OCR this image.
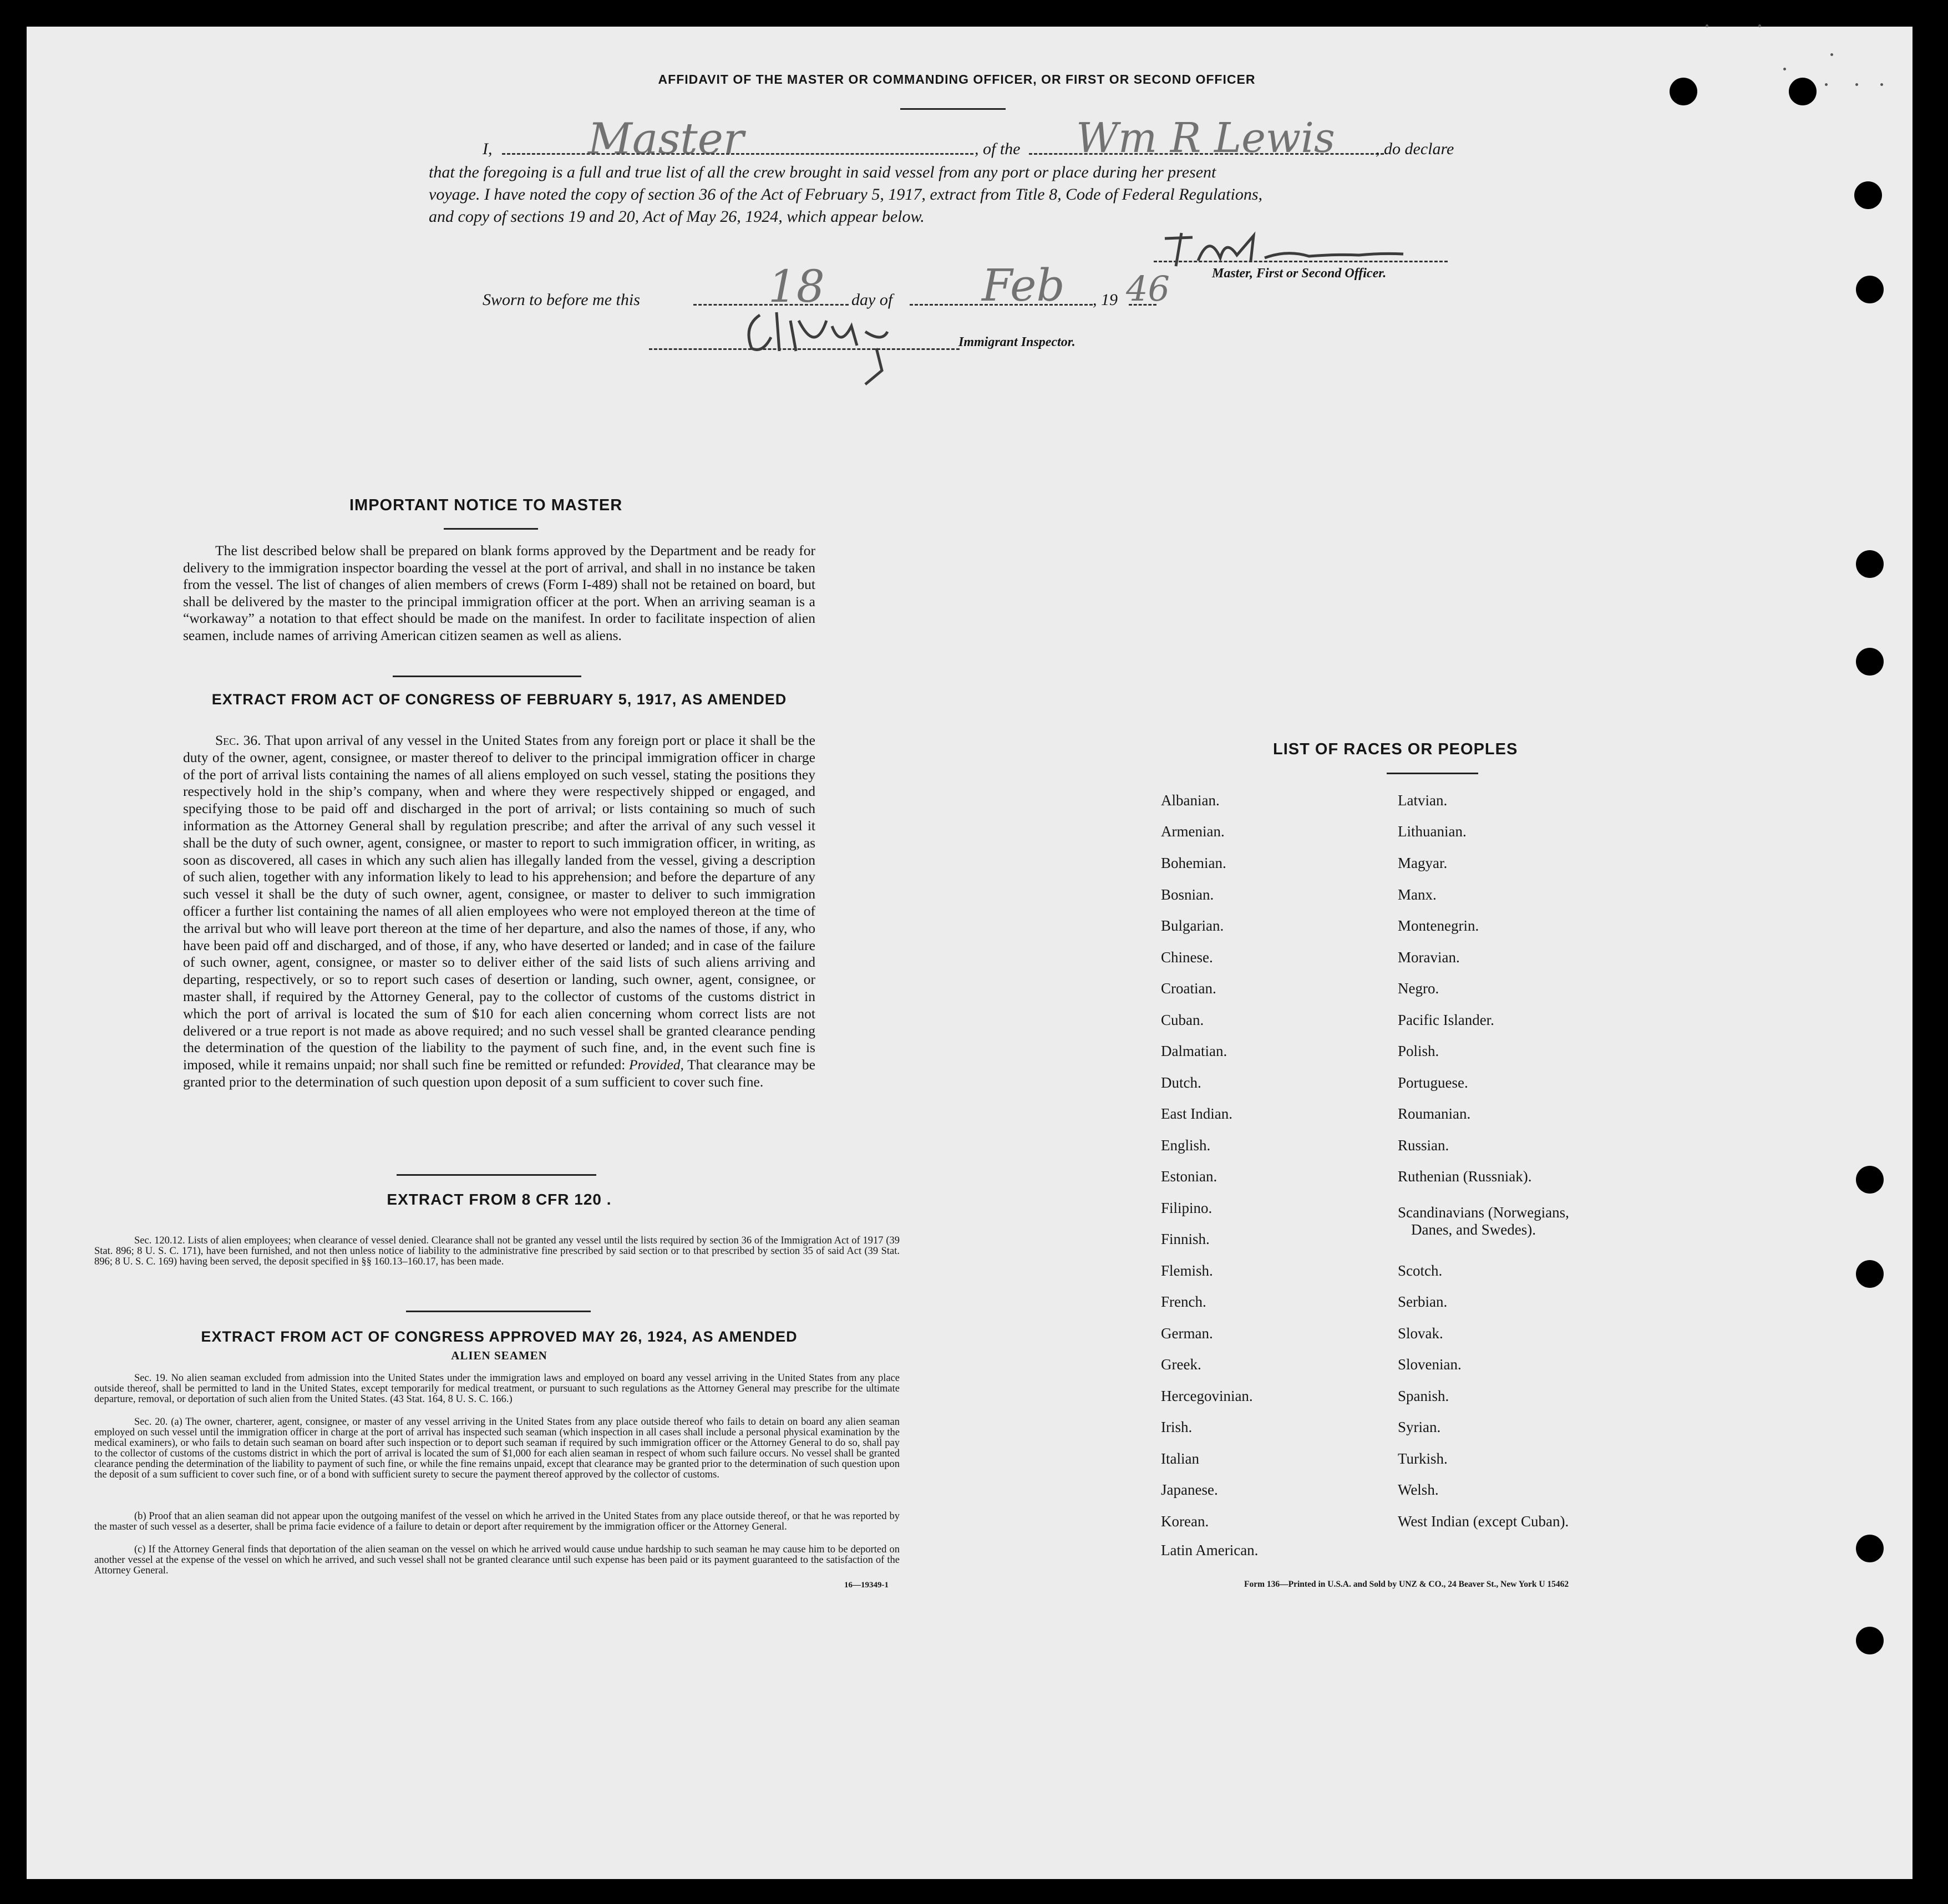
AFFIDAVIT OF THE MASTER OR COMMANDING OFFICER, OR FIRST OR SECOND OFFICER
I, Master	, of the Wm R Lewis , do declare
that the foregoing is a full and true list of all the crew brought in said vessel from any port or place during her present
voyage. I have noted the copy of section 36 of the Act of February 5, 1917, extract from Title 8, Code of Federal Regulations,
and copy of sections 19 and 20, Act of May 26, 1924, which appear below.
Master, First or Second Officer.
Sworn to before me this	18 day of Feb , 19 46
Immigrant Inspector.
IMPORTANT NOTICE TO MASTER
The list described below shall be prepared on blank forms approved by the Department and be ready for delivery to the immigration inspector boarding the vessel at the port of arrival, and shall in no instance be taken from the vessel. The list of changes of alien members of crews (Form I-489) shall not be retained on board, but shall be delivered by the master to the principal immigration officer at the port. When an arriving seaman is a “workaway” a notation to that effect should be made on the manifest. In order to facilitate inspection of alien seamen, include names of arriving American citizen seamen as well as aliens.
EXTRACT FROM ACT OF CONGRESS OF FEBRUARY 5, 1917, AS AMENDED
Sec. 36. That upon arrival of any vessel in the United States from any foreign port or place it shall be the duty of the owner, agent, consignee, or master thereof to deliver to the principal immigration officer in charge of the port of arrival lists containing the names of all aliens employed on such vessel, stating the positions they respectively hold in the ship’s company, when and where they were respectively shipped or engaged, and specifying those to be paid off and discharged in the port of arrival; or lists containing so much of such information as the Attorney General shall by regulation prescribe; and after the arrival of any such vessel it shall be the duty of such owner, agent, consignee, or master to report to such immigration officer, in writing, as soon as discovered, all cases in which any such alien has illegally landed from the vessel, giving a description of such alien, together with any information likely to lead to his apprehension; and before the departure of any such vessel it shall be the duty of such owner, agent, consignee, or master to deliver to such immigration officer a further list containing the names of all alien employees who were not employed thereon at the time of the arrival but who will leave port thereon at the time of her departure, and also the names of those, if any, who have been paid off and discharged, and of those, if any, who have deserted or landed; and in case of the failure of such owner, agent, consignee, or master so to deliver either of the said lists of such aliens arriving and departing, respectively, or so to report such cases of desertion or landing, such owner, agent, consignee, or master shall, if required by the Attorney General, pay to the collector of customs of the customs district in which the port of arrival is located the sum of $10 for each alien concerning whom correct lists are not delivered or a true report is not made as above required; and no such vessel shall be granted clearance pending the determination of the question of the liability to the payment of such fine, and, in the event such fine is imposed, while it remains unpaid; nor shall such fine be remitted or refunded: Provided, That clearance may be granted prior to the determination of such question upon deposit of a sum sufficient to cover such fine.
EXTRACT FROM 8 CFR 120 .
Sec. 120.12. Lists of alien employees; when clearance of vessel denied. Clearance shall not be granted any vessel until the lists required by section 36 of the Immigration Act of 1917 (39 Stat. 896; 8 U. S. C. 171), have been furnished, and not then unless notice of liability to the administrative fine prescribed by said section or to that prescribed by section 35 of said Act (39 Stat. 896; 8 U. S. C. 169) having been served, the deposit specified in §§ 160.13–160.17, has been made.
EXTRACT FROM ACT OF CONGRESS APPROVED MAY 26, 1924, AS AMENDED
ALIEN SEAMEN
Sec. 19. No alien seaman excluded from admission into the United States under the immigration laws and employed on board any vessel arriving in the United States from any place outside thereof, shall be permitted to land in the United States, except temporarily for medical treatment, or pursuant to such regulations as the Attorney General may prescribe for the ultimate departure, removal, or deportation of such alien from the United States. (43 Stat. 164, 8 U. S. C. 166.)
Sec. 20. (a) The owner, charterer, agent, consignee, or master of any vessel arriving in the United States from any place outside thereof who fails to detain on board any alien seaman employed on such vessel until the immigration officer in charge at the port of arrival has inspected such seaman (which inspection in all cases shall include a personal physical examination by the medical examiners), or who fails to detain such seaman on board after such inspection or to deport such seaman if required by such immigration officer or the Attorney General to do so, shall pay to the collector of customs of the customs district in which the port of arrival is located the sum of $1,000 for each alien seaman in respect of whom such failure occurs. No vessel shall be granted clearance pending the determination of the liability to payment of such fine, or while the fine remains unpaid, except that clearance may be granted prior to the determination of such question upon the deposit of a sum sufficient to cover such fine, or of a bond with sufficient surety to secure the payment thereof approved by the collector of customs.
(b) Proof that an alien seaman did not appear upon the outgoing manifest of the vessel on which he arrived in the United States from any place outside thereof, or that he was reported by the master of such vessel as a deserter, shall be prima facie evidence of a failure to detain or deport after requirement by the immigration officer or the Attorney General.
(c) If the Attorney General finds that deportation of the alien seaman on the vessel on which he arrived would cause undue hardship to such seaman he may cause him to be deported on another vessel at the expense of the vessel on which he arrived, and such vessel shall not be granted clearance until such expense has been paid or its payment guaranteed to the satisfaction of the Attorney General.
16—19349-1
LIST OF RACES OR PEOPLES
Albanian.
Armenian.
Bohemian.
Bosnian.
Bulgarian.
Chinese.
Croatian.
Cuban.
Dalmatian.
Dutch.
East Indian.
English.
Estonian.
Filipino.
Finnish.
Flemish.
French.
German.
Greek.
Hercegovinian.
Irish.
Italian
Japanese.
Korean.
Latin American.
Latvian.
Lithuanian.
Magyar.
Manx.
Montenegrin.
Moravian.
Negro.
Pacific Islander.
Polish.
Portuguese.
Roumanian.
Russian.
Ruthenian (Russniak).
Scandinavians (Norwegians,
Danes, and Swedes).
Scotch.
Serbian.
Slovak.
Slovenian.
Spanish.
Syrian.
Turkish.
Welsh.
West Indian (except Cuban).
Form 136—Printed in U.S.A. and Sold by UNZ & CO., 24 Beaver St., New York U 15462
